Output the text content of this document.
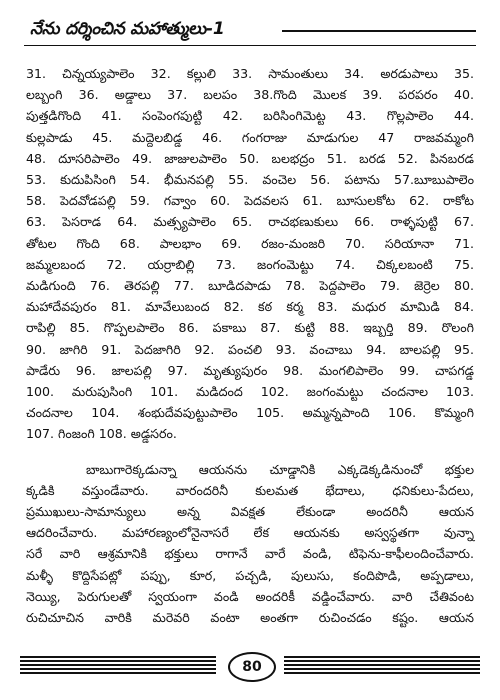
నేను దర్శించిన మహాత్ములు-1

31. చిన్నయ్యపాలెం 32. కల్లులి 33. సామంతులు 34. అరడుపాలు 35.

లబ్బంగి 36. అడ్డాలు 37. బలపం 38.గొంది మొలక 39. పరపరం 40.

పుత్తడిగొంది 41. సంపెంగపుట్టి 42. బరిసింగిమెట్ట 43. గొల్లపాలెం 44.

కుల్లపాడు 45. మద్దెలబిడ్డ 46. గంగరాజు మాడుగుల 47 రాజవమ్మంగి

48. దూసరిపాలెం 49. జాజులపాలెం 50. బలభద్రం 51. బరడ 52. పినబరడ

53. కుదుపిసింగి 54. భీమనపల్లి 55. వంచెల 56. పటాను 57.బూబుపాలెం

58. పెదవోడపల్లి 59. గవ్వాం 60. పెదవలస 61. బూసులకోట 62. రాకోట

63. పెసరాడ 64. మత్స్యపాలెం 65. రాచభణుకులు 66. రాళ్ళపుట్టి 67.

తోటల గొంది 68. పాలభాం 69. రజం-మంజరి 70. సరియానా 71.

జమ్మలబంద 72. యర్రాబిల్లి 73. జంగంమెట్టు 74. చిక్కలబంటి 75.

మడిగుంది 76. తెరపల్లి 77. బూడిదపాడు 78. పెద్దపాలెం 79. జెర్రెల 80.

మహాదేవపురం 81. మావేలుబంద 82. కఠ కర్మ 83. మధుర మామిడి 84.

రాపిల్లి 85. గొప్పలపాలెం 86. పకాబు 87. కుట్టి 88. ఇబ్బర్తి 89. రొలంగి

90. జాగిరి 91. పెదజాగిరి 92. పంచలి 93. వంచాబు 94. బాలపల్లి 95.

పాడేరు 96. జాలపల్లి 97. మృత్యుపురం 98. మంగలిపాలెం 99. చాపగడ్డ

100. మరుపుసింగి 101. మడిదంద 102. జంగంమట్టు చందనాల 103.

చందనాల 104. శంభుదేవపుట్టుపాలెం 105. అమ్మన్నపాంది 106. కొమ్మంగి

107. గింజంగి 108. అడ్డసరం.

బాబుగారెక్కడున్నా ఆయనను చూడ్డానికి ఎక్కడెక్కడినుంచో భక్తుల

క్కడికి వస్తుండేవారు. వారందరినీ కులమత భేదాలు, ధనికులు-పేదలు,

ప్రముఖులు-సామాన్యులు అన్న వివక్షత లేకుండా అందరినీ ఆయన

ఆదరించేవారు. మహారణ్యంలోనైనాసరే లేక ఆయనకు అస్వస్థతగా వున్నా

సరే వారి ఆశ్రమానికి భక్తులు రాగానే వారే వండి, టిఫెను-కాఫీలందించేవారు.

మళ్ళీ కొద్దిసేపట్లో పప్పు, కూర, పచ్చడి, పులుసు, కందిపొడి, అప్పడాలు,

నెయ్యి, పెరుగులతో స్వయంగా వండి అందరికీ వడ్డించేవారు. వారి చేతివంట

రుచిచూచిన వారికి మరెవరి వంటా అంతగా రుచించడం కష్టం. ఆయన

80
